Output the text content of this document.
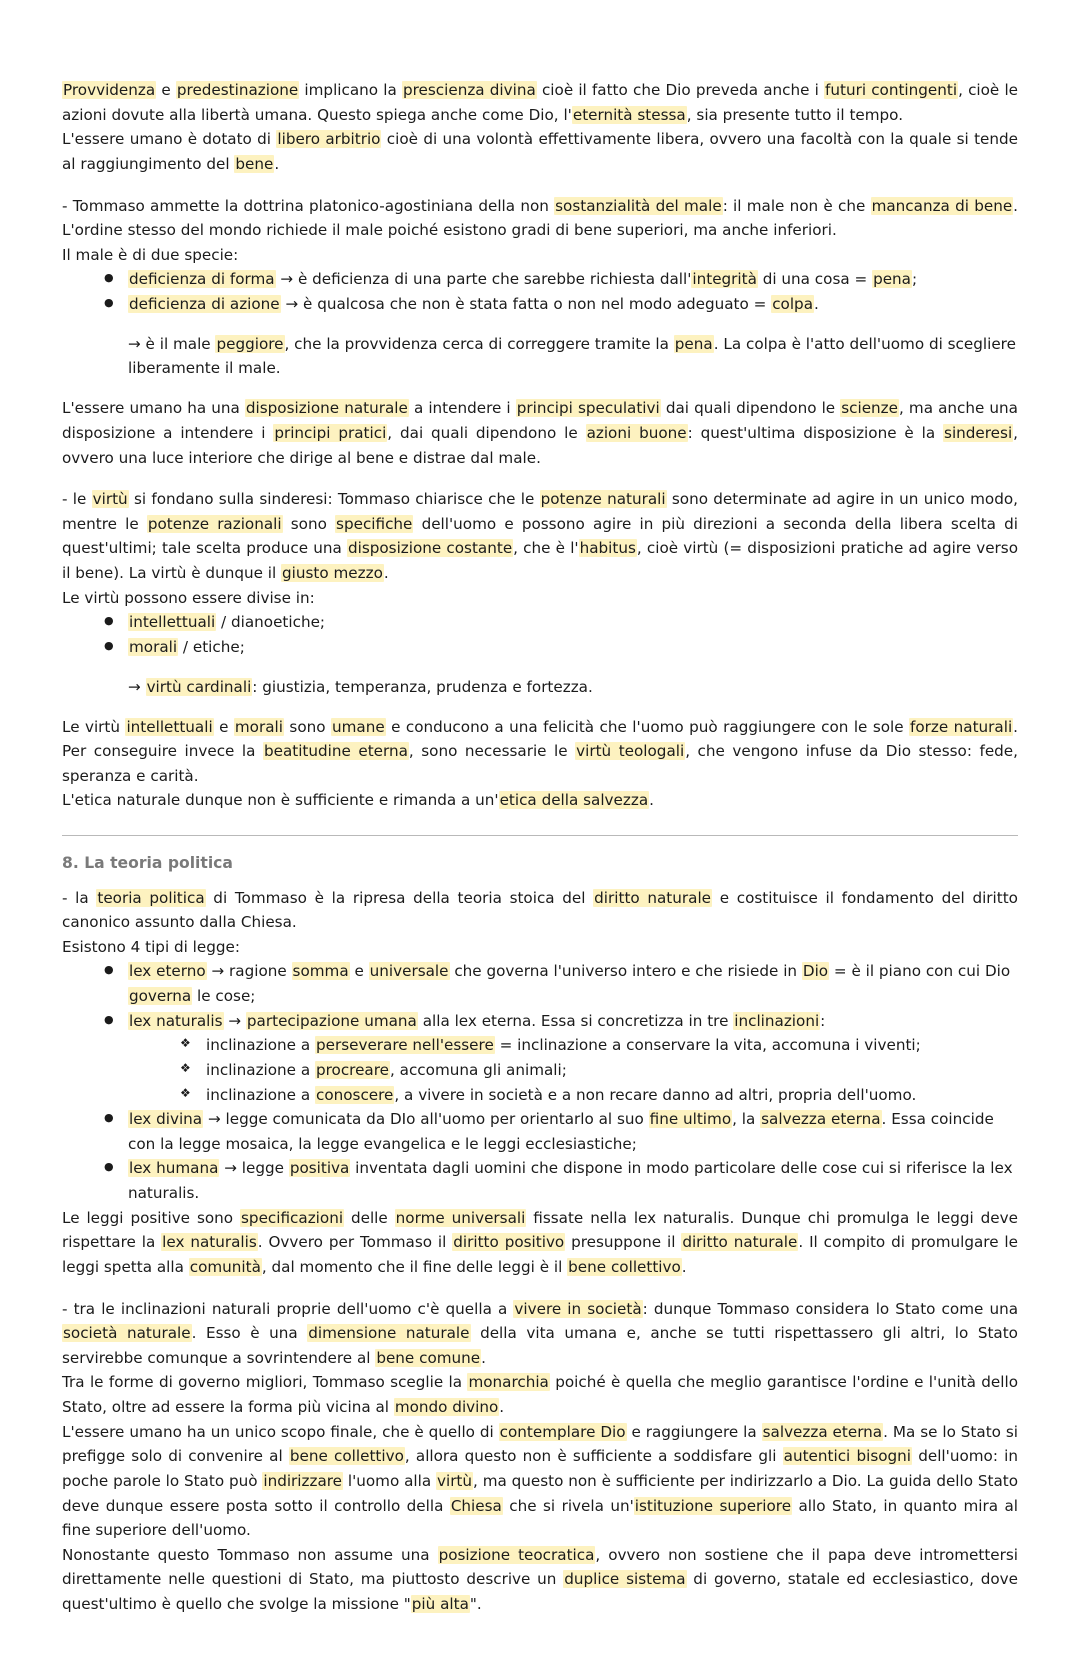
Provvidenza e predestinazione implicano la prescienza divina cioè il fatto che Dio preveda anche i futuri contingenti, cioè le azioni dovute alla libertà umana. Questo spiega anche come Dio, l'eternità stessa, sia presente tutto il tempo.

L'essere umano è dotato di libero arbitrio cioè di una volontà effettivamente libera, ovvero una facoltà con la quale si tende al raggiungimento del bene.

- Tommaso ammette la dottrina platonico-agostiniana della non sostanzialità del male: il male non è che mancanza di bene. L'ordine stesso del mondo richiede il male poiché esistono gradi di bene superiori, ma anche inferiori.

Il male è di due specie:

● deficienza di forma → è deficienza di una parte che sarebbe richiesta dall'integrità di una cosa = pena;
● deficienza di azione → è qualcosa che non è stata fatta o non nel modo adeguato = colpa.

→ è il male peggiore, che la provvidenza cerca di correggere tramite la pena. La colpa è l'atto dell'uomo di scegliere liberamente il male.

L'essere umano ha una disposizione naturale a intendere i principi speculativi dai quali dipendono le scienze, ma anche una disposizione a intendere i principi pratici, dai quali dipendono le azioni buone: quest'ultima disposizione è la sinderesi, ovvero una luce interiore che dirige al bene e distrae dal male.

- le virtù si fondano sulla sinderesi: Tommaso chiarisce che le potenze naturali sono determinate ad agire in un unico modo, mentre le potenze razionali sono specifiche dell'uomo e possono agire in più direzioni a seconda della libera scelta di quest'ultimi; tale scelta produce una disposizione costante, che è l'habitus, cioè virtù (= disposizioni pratiche ad agire verso il bene). La virtù è dunque il giusto mezzo.

Le virtù possono essere divise in:

● intellettuali / dianoetiche;
● morali / etiche;

→ virtù cardinali: giustizia, temperanza, prudenza e fortezza.

Le virtù intellettuali e morali sono umane e conducono a una felicità che l'uomo può raggiungere con le sole forze naturali. Per conseguire invece la beatitudine eterna, sono necessarie le virtù teologali, che vengono infuse da Dio stesso: fede, speranza e carità.

L'etica naturale dunque non è sufficiente e rimanda a un'etica della salvezza.

8. La teoria politica

- la teoria politica di Tommaso è la ripresa della teoria stoica del diritto naturale e costituisce il fondamento del diritto canonico assunto dalla Chiesa.

Esistono 4 tipi di legge:

● lex eterno → ragione somma e universale che governa l'universo intero e che risiede in Dio = è il piano con cui Dio governa le cose;
● lex naturalis → partecipazione umana alla lex eterna. Essa si concretizza in tre inclinazioni:
❖ inclinazione a perseverare nell'essere = inclinazione a conservare la vita, accomuna i viventi;
❖ inclinazione a procreare, accomuna gli animali;
❖ inclinazione a conoscere, a vivere in società e a non recare danno ad altri, propria dell'uomo.
● lex divina → legge comunicata da DIo all'uomo per orientarlo al suo fine ultimo, la salvezza eterna. Essa coincide con la legge mosaica, la legge evangelica e le leggi ecclesiastiche;
● lex humana → legge positiva inventata dagli uomini che dispone in modo particolare delle cose cui si riferisce la lex naturalis.

Le leggi positive sono specificazioni delle norme universali fissate nella lex naturalis. Dunque chi promulga le leggi deve rispettare la lex naturalis. Ovvero per Tommaso il diritto positivo presuppone il diritto naturale. Il compito di promulgare le leggi spetta alla comunità, dal momento che il fine delle leggi è il bene collettivo.

- tra le inclinazioni naturali proprie dell'uomo c'è quella a vivere in società: dunque Tommaso considera lo Stato come una società naturale. Esso è una dimensione naturale della vita umana e, anche se tutti rispettassero gli altri, lo Stato servirebbe comunque a sovrintendere al bene comune.

Tra le forme di governo migliori, Tommaso sceglie la monarchia poiché è quella che meglio garantisce l'ordine e l'unità dello Stato, oltre ad essere la forma più vicina al mondo divino.

L'essere umano ha un unico scopo finale, che è quello di contemplare Dio e raggiungere la salvezza eterna. Ma se lo Stato si prefigge solo di convenire al bene collettivo, allora questo non è sufficiente a soddisfare gli autentici bisogni dell'uomo: in poche parole lo Stato può indirizzare l'uomo alla virtù, ma questo non è sufficiente per indirizzarlo a Dio. La guida dello Stato deve dunque essere posta sotto il controllo della Chiesa che si rivela un'istituzione superiore allo Stato, in quanto mira al fine superiore dell'uomo.

Nonostante questo Tommaso non assume una posizione teocratica, ovvero non sostiene che il papa deve intromettersi direttamente nelle questioni di Stato, ma piuttosto descrive un duplice sistema di governo, statale ed ecclesiastico, dove quest'ultimo è quello che svolge la missione "più alta".
